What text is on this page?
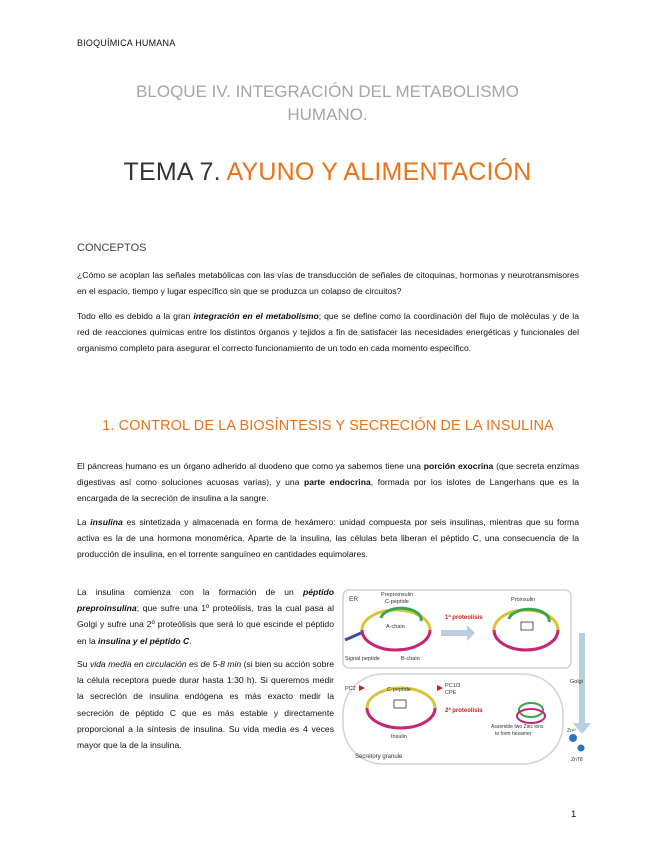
BIOQUÍMICA HUMANA
BLOQUE IV. INTEGRACIÓN DEL METABOLISMO
HUMANO.
TEMA 7. AYUNO Y ALIMENTACIÓN
CONCEPTOS
¿Cómo se acoplan las señales metabólicas con las vías de transducción de señales de citoquinas, hormonas y neurotransmisores en el espacio, tiempo y lugar específico sin que se produzca un colapso de circuitos?
Todo ello es debido a la gran integración en el metabolismo; que se define como la coordinación del flujo de moléculas y de la red de reacciones químicas entre los distintos órganos y tejidos a fin de satisfacer las necesidades energéticas y funcionales del organismo completo para asegurar el correcto funcionamiento de un todo en cada momento específico.
1. CONTROL DE LA BIOSÍNTESIS Y SECRECIÓN DE LA INSULINA
El páncreas humano es un órgano adherido al duodeno que como ya sabemos tiene una porción exocrina (que secreta enzimas digestivas así como soluciones acuosas varias), y una parte endocrina, formada por los islotes de Langerhans que es la encargada de la secreción de insulina a la sangre.
La insulina es sintetizada y almacenada en forma de hexámero: unidad compuesta por seis insulinas, mientras que su forma activa es la de una hormona monomérica. Aparte de la insulina, las células beta liberan el péptido C, una consecuencia de la producción de insulina, en el torrente sanguíneo en cantidades equimolares.
La insulina comienza con la formación de un péptido preproinsulina; que sufre una 1º proteólisis, tras la cual pasa al Golgi y sufre una 2º proteólisis que será lo que escinde el péptido en la insulina y el péptido C.
Su vida media en circulación es de 5-8 min (si bien su acción sobre la célula receptora puede durar hasta 1:30 h). Si queremos medir la secreción de insulina endógena es más exacto medir la secreción de péptido C que es más estable y directamente proporcional a la síntesis de insulina. Su vida media es 4 veces mayor que la de la insulina.
ER
Preproinsulin
C-peptide
A-chain
Signal peptide	B-chain
1ª proteolisis
Proinsulin
Golgi
PC2	C-peptide
PC1/3
CPE
2ª proteolisis
Insulin
Zn²⁺
ZnT8
Assemble two Zinc ions
to form hexamer
Secretory granule
1
